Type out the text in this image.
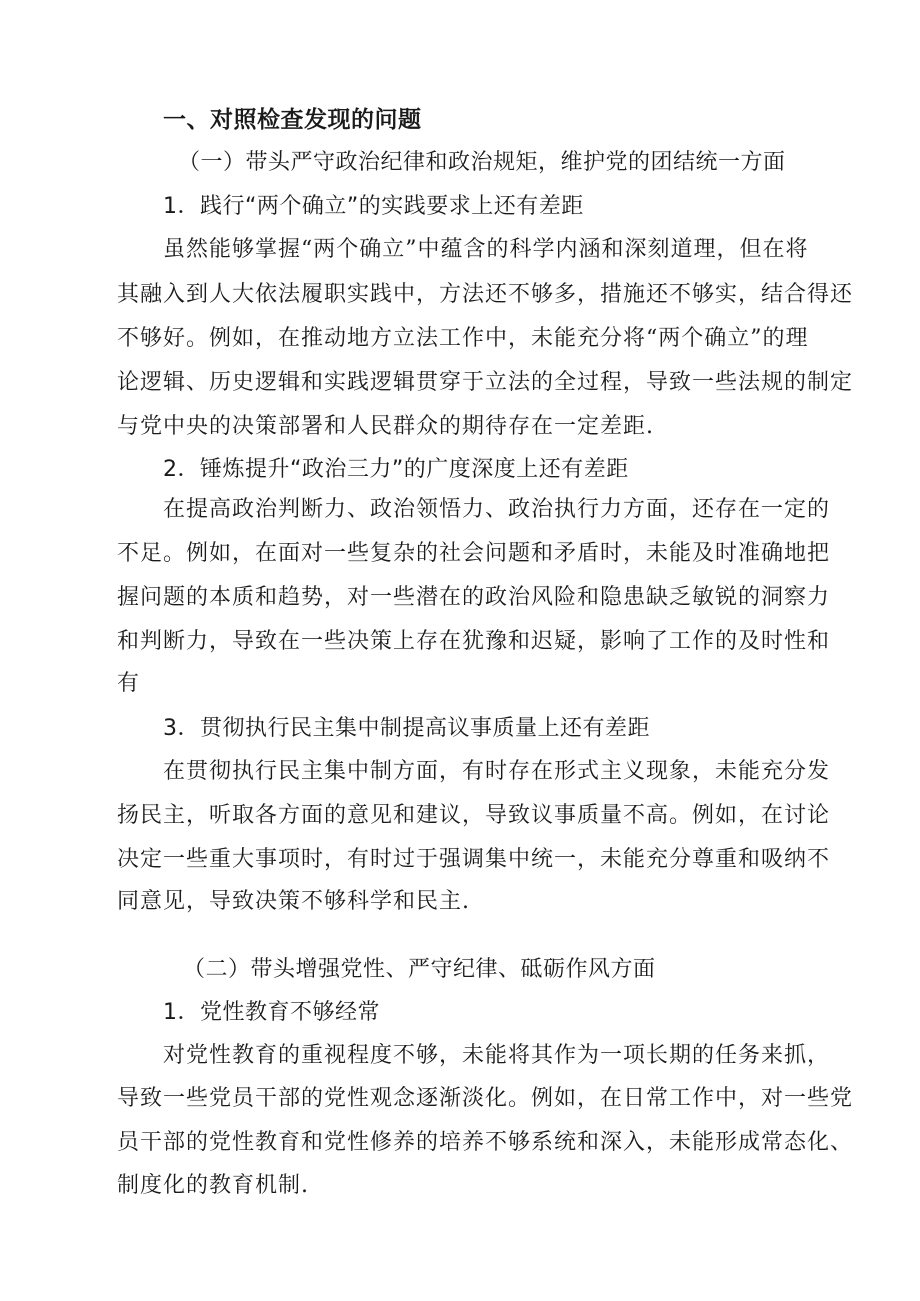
一、对照检查发现的问题
（一）带头严守政治纪律和政治规矩，维护党的团结统一方面
1．践行“两个确立”的实践要求上还有差距
虽然能够掌握“两个确立”中蕴含的科学内涵和深刻道理，但在将
其融入到人大依法履职实践中，方法还不够多，措施还不够实，结合得还
不够好。例如，在推动地方立法工作中，未能充分将“两个确立”的理
论逻辑、历史逻辑和实践逻辑贯穿于立法的全过程，导致一些法规的制定
与党中央的决策部署和人民群众的期待存在一定差距.
2．锤炼提升“政治三力”的广度深度上还有差距
在提高政治判断力、政治领悟力、政治执行力方面，还存在一定的
不足。例如，在面对一些复杂的社会问题和矛盾时，未能及时准确地把
握问题的本质和趋势，对一些潜在的政治风险和隐患缺乏敏锐的洞察力
和判断力，导致在一些决策上存在犹豫和迟疑，影响了工作的及时性和
有
3．贯彻执行民主集中制提高议事质量上还有差距
在贯彻执行民主集中制方面，有时存在形式主义现象，未能充分发
扬民主，听取各方面的意见和建议，导致议事质量不高。例如，在讨论
决定一些重大事项时，有时过于强调集中统一，未能充分尊重和吸纳不
同意见，导致决策不够科学和民主.
（二）带头增强党性、严守纪律、砥砺作风方面
1．党性教育不够经常
对党性教育的重视程度不够，未能将其作为一项长期的任务来抓，
导致一些党员干部的党性观念逐渐淡化。例如，在日常工作中，对一些党
员干部的党性教育和党性修养的培养不够系统和深入，未能形成常态化、
制度化的教育机制.
